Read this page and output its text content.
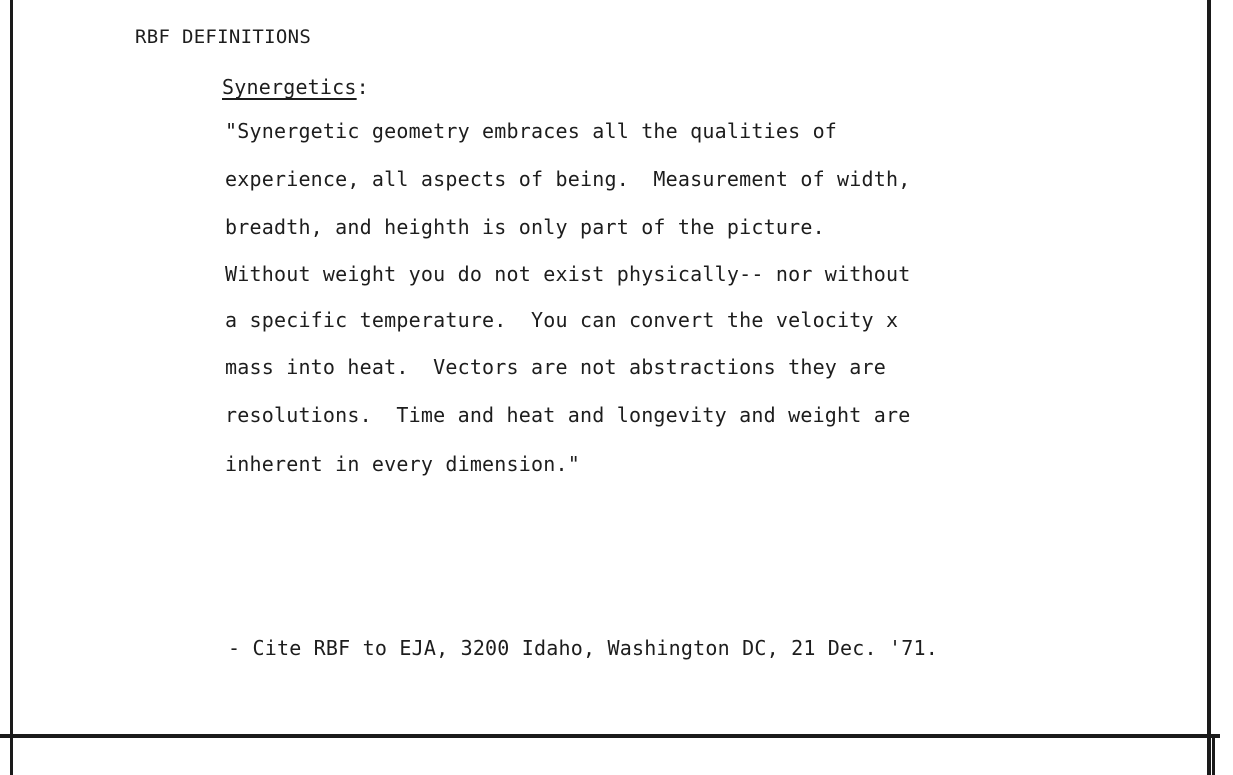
RBF DEFINITIONS
Synergetics:
"Synergetic geometry embraces all the qualities of
experience, all aspects of being.  Measurement of width,
breadth, and heighth is only part of the picture.
Without weight you do not exist physically-- nor without
a specific temperature.  You can convert the velocity x
mass into heat.  Vectors are not abstractions they are
resolutions.  Time and heat and longevity and weight are
inherent in every dimension."
- Cite RBF to EJA, 3200 Idaho, Washington DC, 21 Dec. '71.
